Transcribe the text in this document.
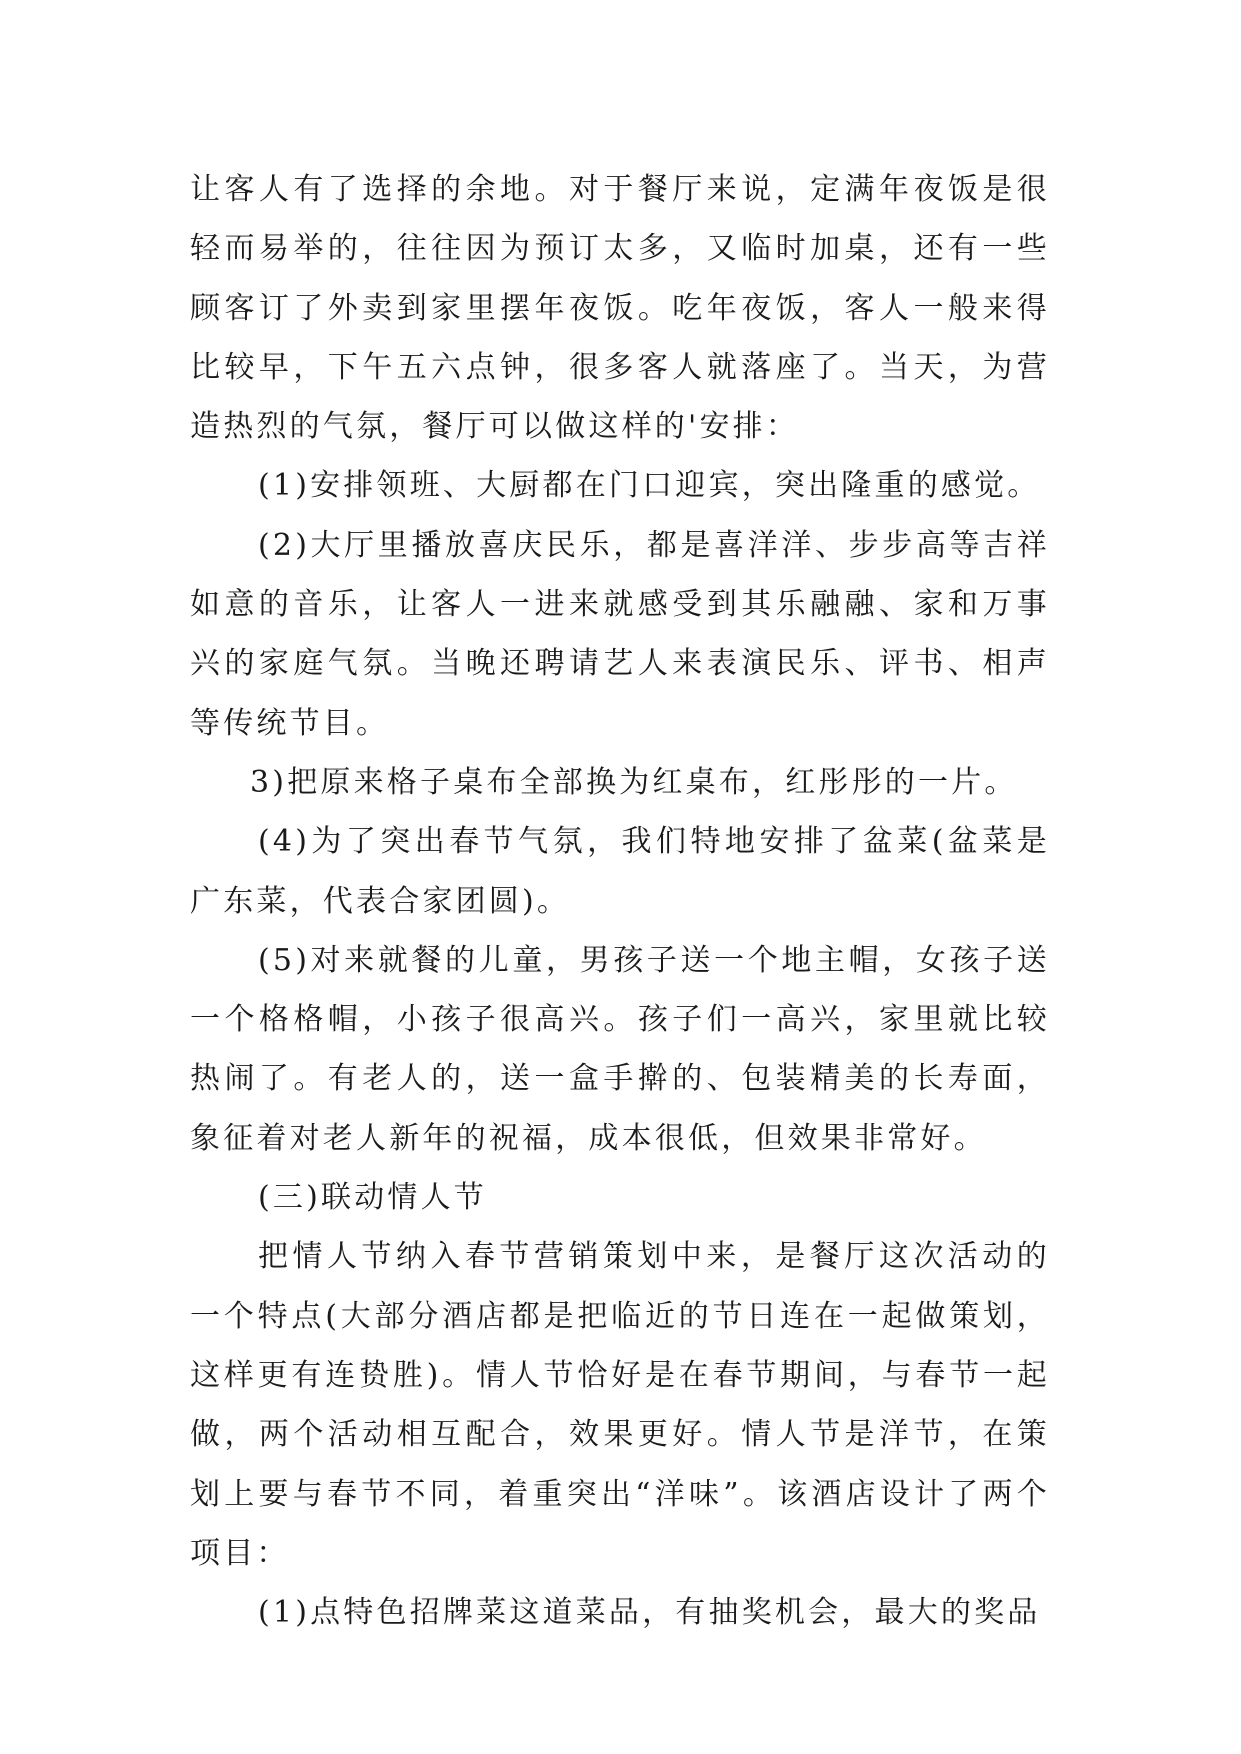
让客人有了选择的余地。对于餐厅来说，定满年夜饭是很轻而易举的，往往因为预订太多，又临时加桌，还有一些顾客订了外卖到家里摆年夜饭。吃年夜饭，客人一般来得比较早，下午五六点钟，很多客人就落座了。当天，为营造热烈的气氛，餐厅可以做这样的'安排：

(1)安排领班、大厨都在门口迎宾，突出隆重的感觉。

(2)大厅里播放喜庆民乐，都是喜洋洋、步步高等吉祥如意的音乐，让客人一进来就感受到其乐融融、家和万事兴的家庭气氛。当晚还聘请艺人来表演民乐、评书、相声等传统节目。

3)把原来格子桌布全部换为红桌布，红彤彤的一片。

(4)为了突出春节气氛，我们特地安排了盆菜(盆菜是广东菜，代表合家团圆)。

(5)对来就餐的儿童，男孩子送一个地主帽，女孩子送一个格格帽，小孩子很高兴。孩子们一高兴，家里就比较热闹了。有老人的，送一盒手擀的、包装精美的长寿面，象征着对老人新年的祝福，成本很低，但效果非常好。

(三)联动情人节

把情人节纳入春节营销策划中来，是餐厅这次活动的一个特点(大部分酒店都是把临近的节日连在一起做策划，这样更有连贽胜)。情人节恰好是在春节期间，与春节一起做，两个活动相互配合，效果更好。情人节是洋节，在策划上要与春节不同，着重突出“洋味”。该酒店设计了两个项目：

(1)点特色招牌菜这道菜品，有抽奖机会，最大的奖品
